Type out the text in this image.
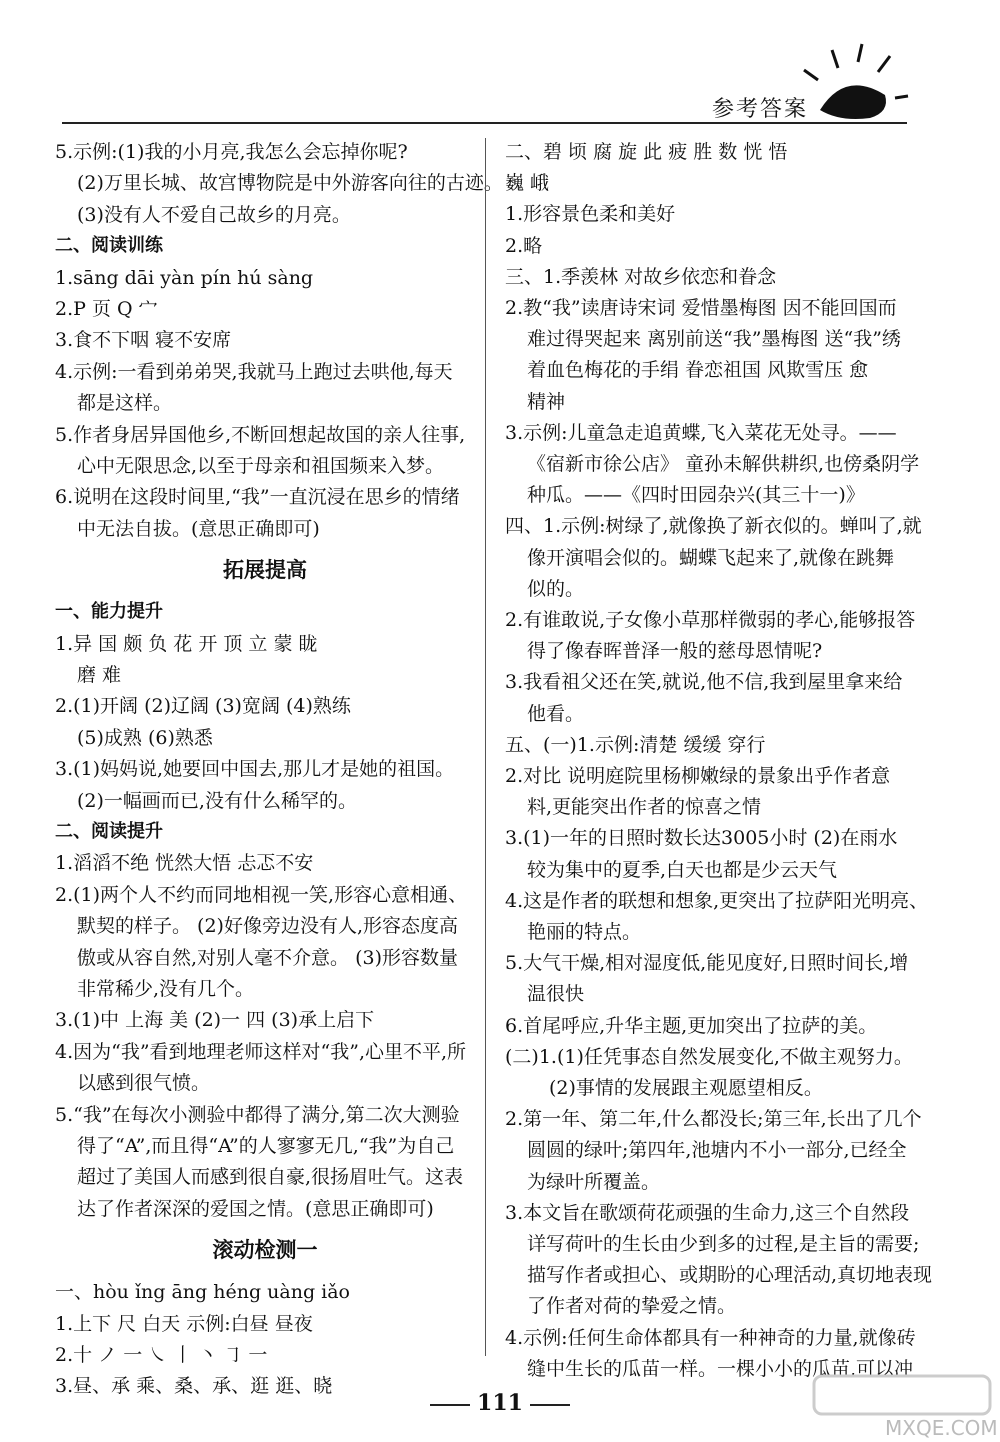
参考答案
5.示例:(1)我的小月亮,我怎么会忘掉你呢?
(2)万里长城、故宫博物院是中外游客向往的古迹。
(3)没有人不爱自己故乡的月亮。
二、阅读训练
1.sāng dāi yàn pín hú sàng
2.P 页 Q 宀
3.食不下咽 寝不安席
4.示例:一看到弟弟哭,我就马上跑过去哄他,每天
都是这样。
5.作者身居异国他乡,不断回想起故国的亲人往事,
心中无限思念,以至于母亲和祖国频来入梦。
6.说明在这段时间里,“我”一直沉浸在思乡的情绪
中无法自拔。(意思正确即可)
拓展提高
一、能力提升
1.异 国 颇 负 花 开 顶 立 蒙 眬
磨 难
2.(1)开阔 (2)辽阔 (3)宽阔 (4)熟练
(5)成熟 (6)熟悉
3.(1)妈妈说,她要回中国去,那儿才是她的祖国。
(2)一幅画而已,没有什么稀罕的。
二、阅读提升
1.滔滔不绝 恍然大悟 忐忑不安
2.(1)两个人不约而同地相视一笑,形容心意相通、
默契的样子。 (2)好像旁边没有人,形容态度高
傲或从容自然,对别人毫不介意。 (3)形容数量
非常稀少,没有几个。
3.(1)中 上海 美 (2)一 四 (3)承上启下
4.因为“我”看到地理老师这样对“我”,心里不平,所
以感到很气愤。
5.“我”在每次小测验中都得了满分,第二次大测验
得了“A”,而且得“A”的人寥寥无几,“我”为自己
超过了美国人而感到很自豪,很扬眉吐气。这表
达了作者深深的爱国之情。(意思正确即可)
滚动检测一
一、hòu ǐng āng héng uàng iǎo
1.上下 尺 白天 示例:白昼 昼夜
2.十 ノ 一 ㇏ 丨 丶 ㇆ 一
3.昼、承 乘、桑、承、逛 逛、晓
二、碧 顷 腐 旋 此 疲 胜 数 恍 悟
巍 峨
1.形容景色柔和美好
2.略
三、1.季羡林 对故乡依恋和眷念
2.教“我”读唐诗宋词 爱惜墨梅图 因不能回国而
难过得哭起来 离别前送“我”墨梅图 送“我”绣
着血色梅花的手绢 眷恋祖国 风欺雪压 愈
精神
3.示例:儿童急走追黄蝶,飞入菜花无处寻。——
《宿新市徐公店》 童孙未解供耕织,也傍桑阴学
种瓜。——《四时田园杂兴(其三十一)》
四、1.示例:树绿了,就像换了新衣似的。蝉叫了,就
像开演唱会似的。蝴蝶飞起来了,就像在跳舞
似的。
2.有谁敢说,子女像小草那样微弱的孝心,能够报答
得了像春晖普泽一般的慈母恩情呢?
3.我看祖父还在笑,就说,他不信,我到屋里拿来给
他看。
五、(一)1.示例:清楚 缓缓 穿行
2.对比 说明庭院里杨柳嫩绿的景象出乎作者意
料,更能突出作者的惊喜之情
3.(1)一年的日照时数长达3005小时 (2)在雨水
较为集中的夏季,白天也都是少云天气
4.这是作者的联想和想象,更突出了拉萨阳光明亮、
艳丽的特点。
5.大气干燥,相对湿度低,能见度好,日照时间长,增
温很快
6.首尾呼应,升华主题,更加突出了拉萨的美。
(二)1.(1)任凭事态自然发展变化,不做主观努力。
(2)事情的发展跟主观愿望相反。
2.第一年、第二年,什么都没长;第三年,长出了几个
圆圆的绿叶;第四年,池塘内不小一部分,已经全
为绿叶所覆盖。
3.本文旨在歌颂荷花顽强的生命力,这三个自然段
详写荷叶的生长由少到多的过程,是主旨的需要;
描写作者或担心、或期盼的心理活动,真切地表现
了作者对荷的挚爱之情。
4.示例:任何生命体都具有一种神奇的力量,就像砖
缝中生长的瓜苗一样。一棵小小的瓜苗,可以冲
111
MXQE.COM
